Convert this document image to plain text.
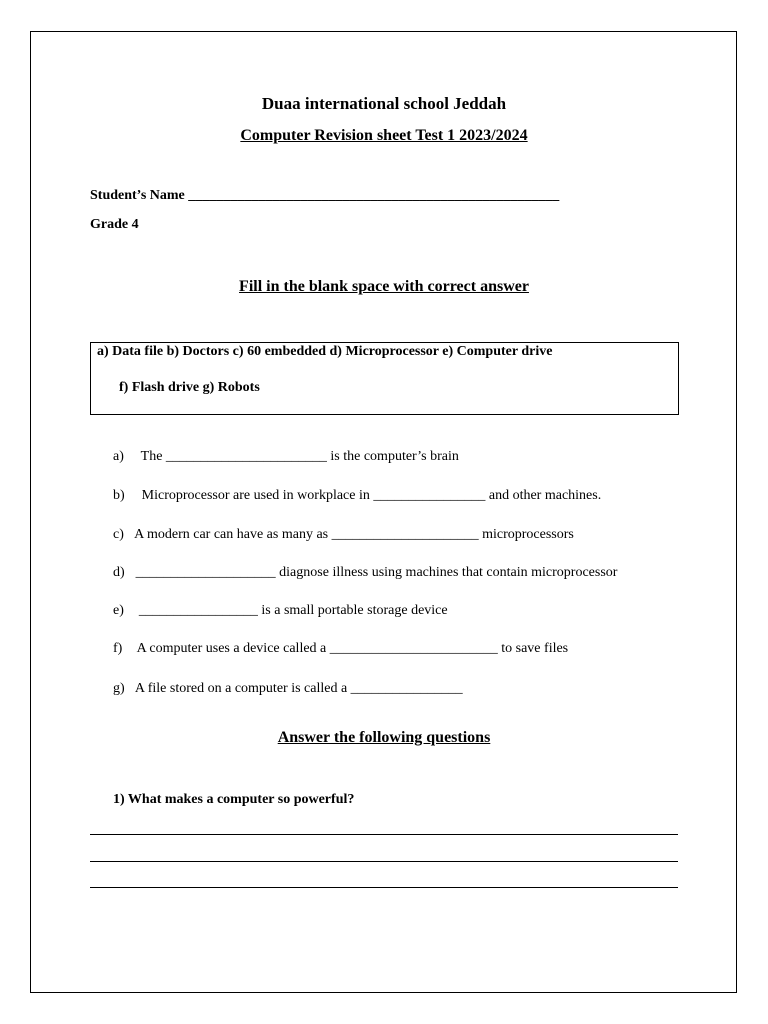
Duaa international school Jeddah
Computer Revision sheet Test 1 2023/2024
Student’s Name _____________________________________________________
Grade 4
Fill in the blank space with correct answer
a) Data file b) Doctors c) 60 embedded d) Microprocessor e) Computer drive
f) Flash drive g) Robots
a) The _______________________ is the computer’s brain
b)  Microprocessor are used in workplace in ________________ and other machines.
c) A modern car can have as many as _____________________ microprocessors
d) ____________________ diagnose illness using machines that contain microprocessor
e)  _________________ is a small portable storage device
f)  A computer uses a device called a ________________________ to save files
g) A file stored on a computer is called a ________________
Answer the following questions
1) What makes a computer so powerful?
